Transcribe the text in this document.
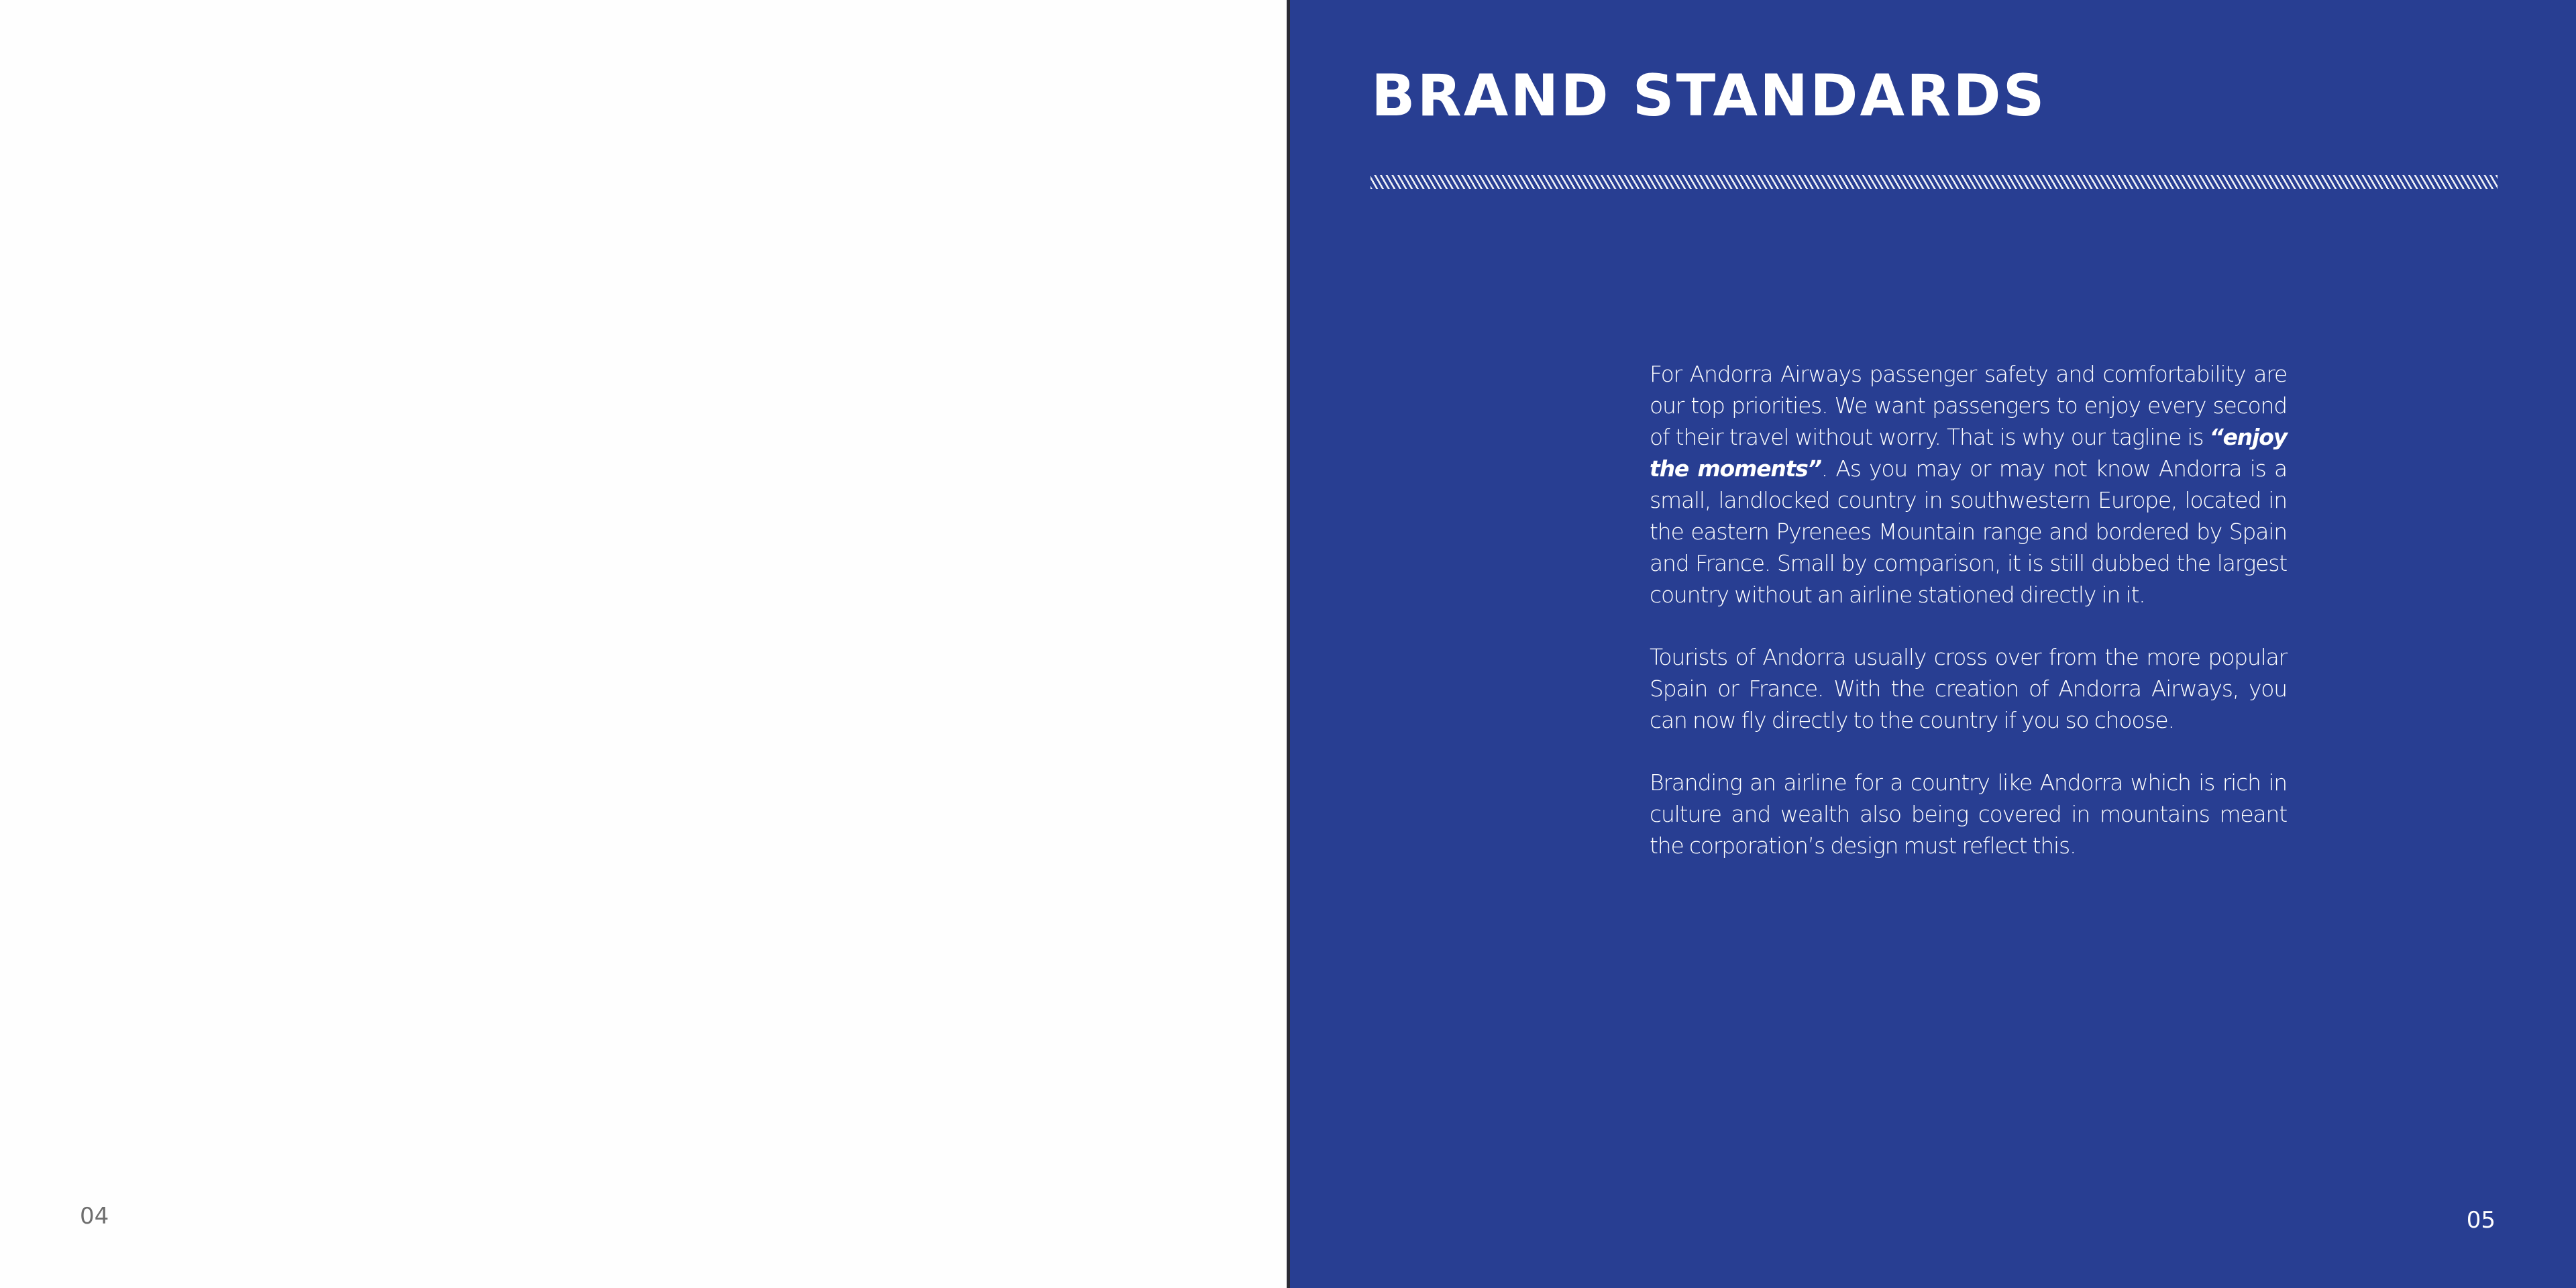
04
BRAND STANDARDS

For Andorra Airways passenger safety and comfortability are our top priorities. We want passengers to enjoy every second of their travel without worry. That is why our tagline is “enjoy the moments”. As you may or may not know Andorra is a small, landlocked country in southwestern Europe, located in the eastern Pyrenees Mountain range and bordered by Spain and France. Small by comparison, it is still dubbed the largest country without an airline stationed directly in it.

Tourists of Andorra usually cross over from the more popular Spain or France. With the creation of Andorra Airways, you can now fly directly to the country if you so choose.

Branding an airline for a country like Andorra which is rich in culture and wealth also being covered in mountains meant the corporation’s design must reflect this.

05
